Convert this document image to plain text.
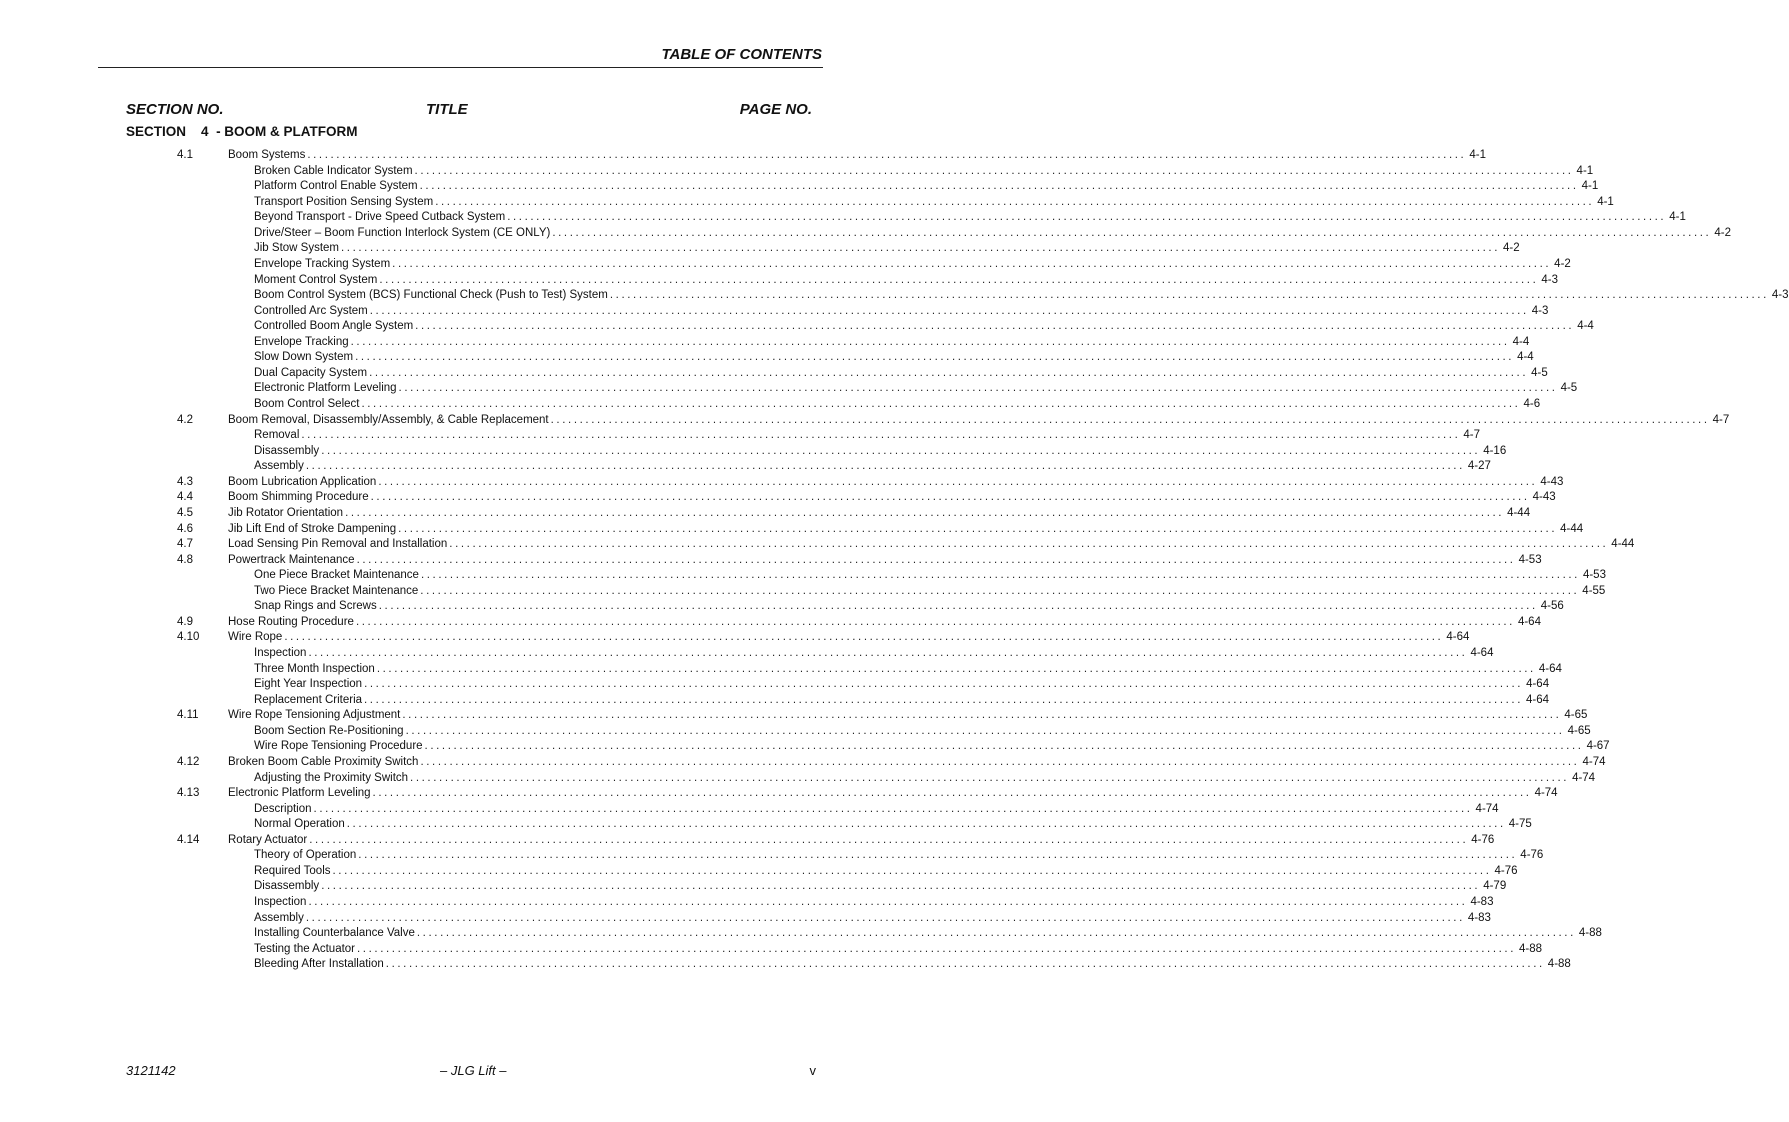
TABLE OF CONTENTS
SECTION NO.	TITLE	PAGE NO.
SECTION 4 - BOOM & PLATFORM
4.1	Boom Systems ........................................................................................................................................................................................................ 4-1
Broken Cable Indicator System ........................................................................................................................................................................................................ 4-1
Platform Control Enable System ........................................................................................................................................................................................................ 4-1
Transport Position Sensing System ........................................................................................................................................................................................................ 4-1
Beyond Transport - Drive Speed Cutback System ........................................................................................................................................................................................................ 4-1
Drive/Steer – Boom Function Interlock System (CE ONLY) ........................................................................................................................................................................................................ 4-2
Jib Stow System ........................................................................................................................................................................................................ 4-2
Envelope Tracking System ........................................................................................................................................................................................................ 4-2
Moment Control System ........................................................................................................................................................................................................ 4-3
Boom Control System (BCS) Functional Check (Push to Test) System ........................................................................................................................................................................................................ 4-3
Controlled Arc System ........................................................................................................................................................................................................ 4-3
Controlled Boom Angle System ........................................................................................................................................................................................................ 4-4
Envelope Tracking ........................................................................................................................................................................................................ 4-4
Slow Down System ........................................................................................................................................................................................................ 4-4
Dual Capacity System ........................................................................................................................................................................................................ 4-5
Electronic Platform Leveling ........................................................................................................................................................................................................ 4-5
Boom Control Select ........................................................................................................................................................................................................ 4-6
4.2	Boom Removal, Disassembly/Assembly, & Cable Replacement ........................................................................................................................................................................................................ 4-7
Removal ........................................................................................................................................................................................................ 4-7
Disassembly ........................................................................................................................................................................................................ 4-16
Assembly ........................................................................................................................................................................................................ 4-27
4.3	Boom Lubrication Application ........................................................................................................................................................................................................ 4-43
4.4	Boom Shimming Procedure ........................................................................................................................................................................................................ 4-43
4.5	Jib Rotator Orientation ........................................................................................................................................................................................................ 4-44
4.6	Jib Lift End of Stroke Dampening ........................................................................................................................................................................................................ 4-44
4.7	Load Sensing Pin Removal and Installation ........................................................................................................................................................................................................ 4-44
4.8	Powertrack Maintenance ........................................................................................................................................................................................................ 4-53
One Piece Bracket Maintenance ........................................................................................................................................................................................................ 4-53
Two Piece Bracket Maintenance ........................................................................................................................................................................................................ 4-55
Snap Rings and Screws ........................................................................................................................................................................................................ 4-56
4.9	Hose Routing Procedure ........................................................................................................................................................................................................ 4-64
4.10 Wire Rope ........................................................................................................................................................................................................ 4-64
Inspection ........................................................................................................................................................................................................ 4-64
Three Month Inspection ........................................................................................................................................................................................................ 4-64
Eight Year Inspection ........................................................................................................................................................................................................ 4-64
Replacement Criteria ........................................................................................................................................................................................................ 4-64
4.11	Wire Rope Tensioning Adjustment ........................................................................................................................................................................................................ 4-65
Boom Section Re-Positioning ........................................................................................................................................................................................................ 4-65
Wire Rope Tensioning Procedure ........................................................................................................................................................................................................ 4-67
4.12 Broken Boom Cable Proximity Switch ........................................................................................................................................................................................................ 4-74
Adjusting the Proximity Switch ........................................................................................................................................................................................................ 4-74
4.13 Electronic Platform Leveling ........................................................................................................................................................................................................ 4-74
Description ........................................................................................................................................................................................................ 4-74
Normal Operation ........................................................................................................................................................................................................ 4-75
4.14 Rotary Actuator ........................................................................................................................................................................................................ 4-76
Theory of Operation ........................................................................................................................................................................................................ 4-76
Required Tools ........................................................................................................................................................................................................ 4-76
Disassembly ........................................................................................................................................................................................................ 4-79
Inspection ........................................................................................................................................................................................................ 4-83
Assembly ........................................................................................................................................................................................................ 4-83
Installing Counterbalance Valve ........................................................................................................................................................................................................ 4-88
Testing the Actuator ........................................................................................................................................................................................................ 4-88
Bleeding After Installation ........................................................................................................................................................................................................ 4-88
3121142	– JLG Lift –	v
